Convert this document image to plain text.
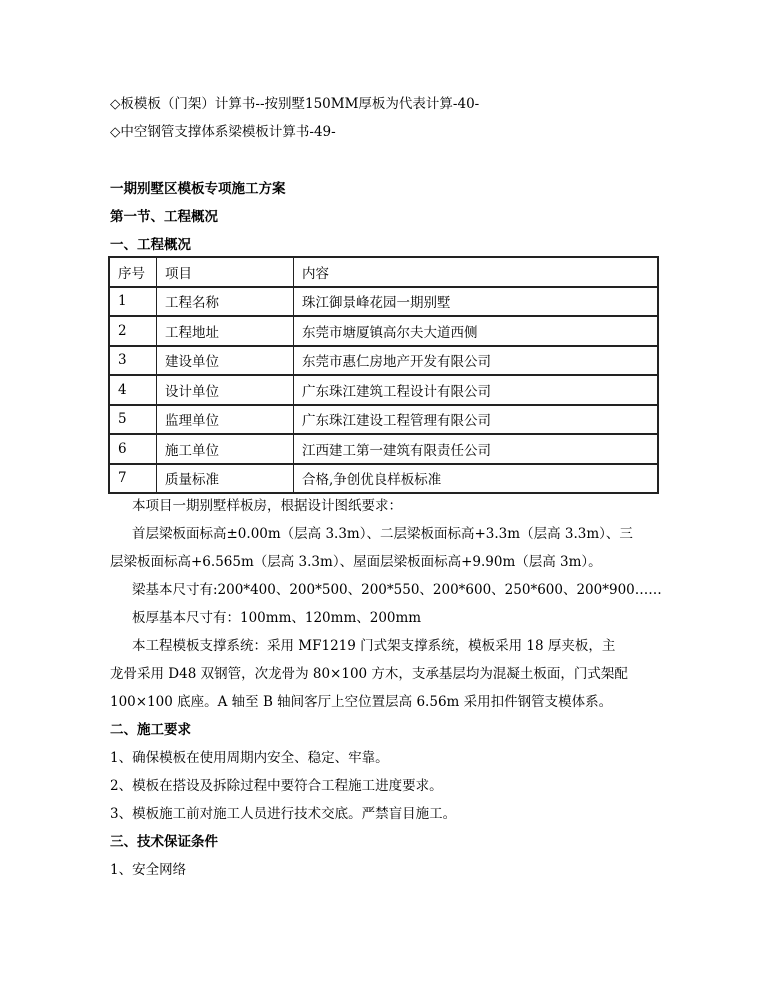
◇板模板（门架）计算书--按别墅150MM厚板为代表计算-40-
◇中空钢管支撑体系梁模板计算书-49-
一期别墅区模板专项施工方案
第一节、工程概况
一、工程概况
序号	项目	内容
1	工程名称	珠江御景峰花园一期别墅
2	工程地址	东莞市塘厦镇高尔夫大道西侧
3	建设单位	东莞市惠仁房地产开发有限公司
4	设计单位	广东珠江建筑工程设计有限公司
5	监理单位	广东珠江建设工程管理有限公司
6	施工单位	江西建工第一建筑有限责任公司
7	质量标准	合格,争创优良样板标准
本项目一期别墅样板房，根据设计图纸要求：
首层梁板面标高±0.00m（层高 3.3m）、二层梁板面标高+3.3m（层高 3.3m）、三
层梁板面标高+6.565m（层高 3.3m）、屋面层梁板面标高+9.90m（层高 3m）。
梁基本尺寸有:200*400、200*500、200*550、200*600、250*600、200*900……
板厚基本尺寸有：100mm、120mm、200mm
本工程模板支撑系统：采用 MF1219 门式架支撑系统，模板采用 18 厚夹板，主
龙骨采用 D48 双钢管，次龙骨为 80×100 方木，支承基层均为混凝土板面，门式架配
100×100 底座。A 轴至 B 轴间客厅上空位置层高 6.56m 采用扣件钢管支模体系。
二、施工要求
1、确保模板在使用周期内安全、稳定、牢靠。
2、模板在搭设及拆除过程中要符合工程施工进度要求。
3、模板施工前对施工人员进行技术交底。严禁盲目施工。
三、技术保证条件
1、安全网络
